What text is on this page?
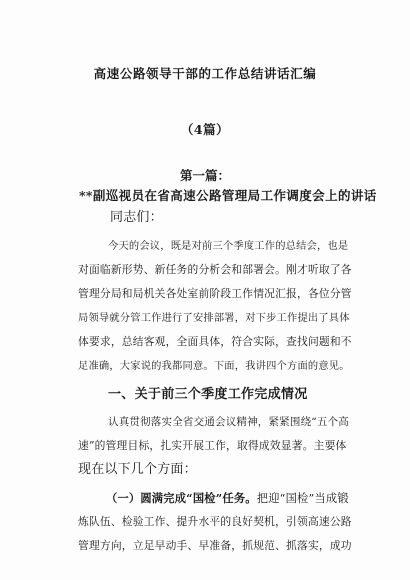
高速公路领导干部的工作总结讲话汇编
（4篇）
第一篇：
**副巡视员在省高速公路管理局工作调度会上的讲话
同志们：
今天的会议，既是对前三个季度工作的总结会，也是
对面临新形势、新任务的分析会和部署会。刚才听取了各
管理分局和局机关各处室前阶段工作情况汇报，各位分管
局领导就分管工作进行了安排部署，对下步工作提出了具体
体要求，总结客观，全面具体，符合实际，查找问题和不
足准确，大家说的我都同意。下面，我讲四个方面的意见。
一、关于前三个季度工作完成情况
认真贯彻落实全省交通会议精神，紧紧围绕“五个高
速”的管理目标，扎实开展工作，取得成效显著。主要体
现在以下几个方面：
（一）圆满完成“国检”任务。把迎“国检”当成锻
炼队伍、检验工作、提升水平的良好契机，引领高速公路
管理方向，立足早动手、早准备，抓规范、抓落实，成功
